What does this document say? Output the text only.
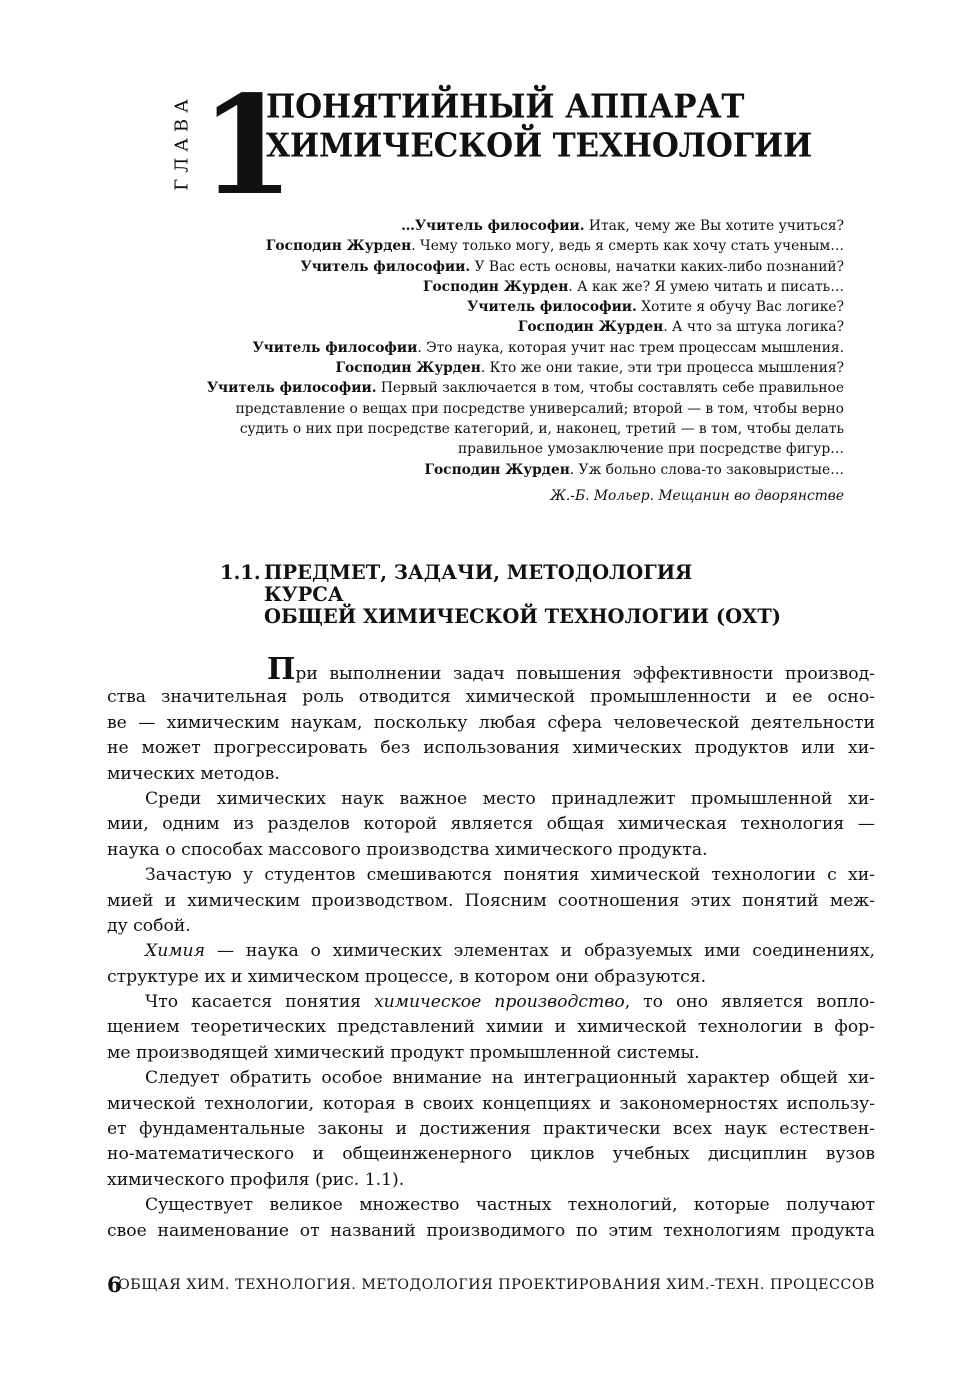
ГЛАВА 1
ПОНЯТИЙНЫЙ АППАРАТ
ХИМИЧЕСКОЙ ТЕХНОЛОГИИ
…Учитель философии. Итак, чему же Вы хотите учиться?
Господин Журден. Чему только могу, ведь я смерть как хочу стать ученым…
Учитель философии. У Вас есть основы, начатки каких-либо познаний?
Господин Журден. А как же? Я умею читать и писать…
Учитель философии. Хотите я обучу Вас логике?
Господин Журден. А что за штука логика?
Учитель философии. Это наука, которая учит нас трем процессам мышления.
Господин Журден. Кто же они такие, эти три процесса мышления?
Учитель философии. Первый заключается в том, чтобы составлять себе правильное
представление о вещах при посредстве универсалий; второй — в том, чтобы верно
судить о них при посредстве категорий, и, наконец, третий — в том, чтобы делать
правильное умозаключение при посредстве фигур…
Господин Журден. Уж больно слова-то заковыристые…
Ж.-Б. Мольер. Мещанин во дворянстве
1.1. ПРЕДМЕТ, ЗАДАЧИ, МЕТОДОЛОГИЯ
КУРСА
ОБЩЕЙ ХИМИЧЕСКОЙ ТЕХНОЛОГИИ (ОХТ)
При выполнении задач повышения эффективности производ-
ства значительная роль отводится химической промышленности и ее осно-
ве — химическим наукам, поскольку любая сфера человеческой деятельности
не может прогрессировать без использования химических продуктов или хи-
мических методов.
Среди химических наук важное место принадлежит промышленной хи-
мии, одним из разделов которой является общая химическая технология —
наука о способах массового производства химического продукта.
Зачастую у студентов смешиваются понятия химической технологии с хи-
мией и химическим производством. Поясним соотношения этих понятий меж-
ду собой.
Химия — наука о химических элементах и образуемых ими соединениях,
структуре их и химическом процессе, в котором они образуются.
Что касается понятия химическое производство, то оно является вопло-
щением теоретических представлений химии и химической технологии в фор-
ме производящей химический продукт промышленной системы.
Следует обратить особое внимание на интеграционный характер общей хи-
мической технологии, которая в своих концепциях и закономерностях использу-
ет фундаментальные законы и достижения практически всех наук естествен-
но-математического и общеинженерного циклов учебных дисциплин вузов
химического профиля (рис. 1.1).
Существует великое множество частных технологий, которые получают
свое наименование от названий производимого по этим технологиям продукта
6
ОБЩАЯ ХИМ. ТЕХНОЛОГИЯ. МЕТОДОЛОГИЯ ПРОЕКТИРОВАНИЯ ХИМ.-ТЕХН. ПРОЦЕССОВ
